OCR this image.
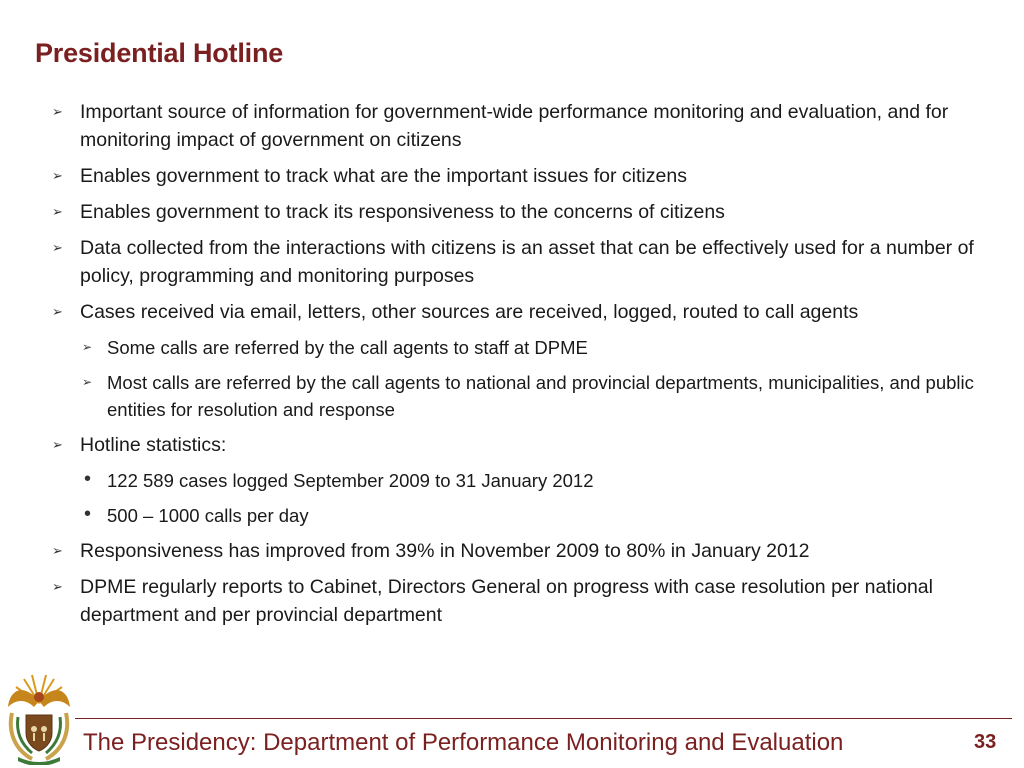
Presidential Hotline
➢ Important source of information for government-wide performance monitoring and evaluation, and for monitoring impact of government on citizens
➢ Enables government to track what are the important issues for citizens
➢ Enables government to track its responsiveness to the concerns of citizens
➢ Data collected from the interactions with citizens is an asset that can be effectively used for a number of policy, programming and monitoring purposes
➢ Cases received via email, letters, other sources are received, logged, routed to call agents
➢ Some calls are referred by the call agents to staff at DPME
➢ Most calls are referred by the call agents to national and provincial departments, municipalities, and public entities for resolution and response
➢ Hotline statistics:
• 122 589 cases logged September 2009 to 31 January 2012
• 500 – 1000 calls per day
➢ Responsiveness has improved from 39% in November 2009 to 80% in January 2012
➢ DPME regularly reports to Cabinet, Directors General on progress with case resolution per national department and per provincial department
The Presidency: Department of Performance Monitoring and Evaluation	33
